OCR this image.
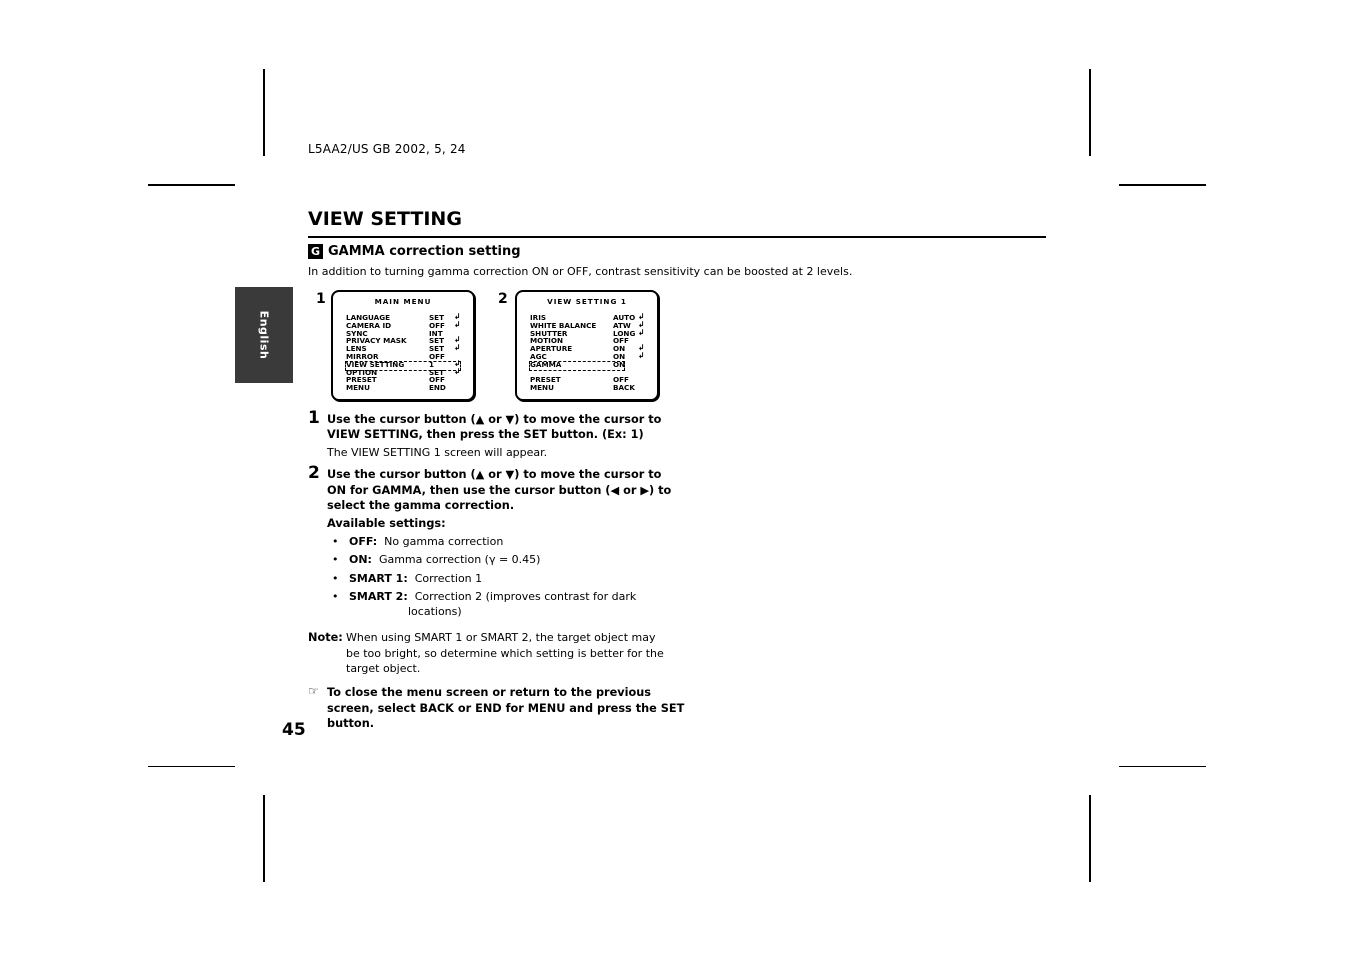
L5AA2/US GB 2002, 5, 24
English
VIEW SETTING
G GAMMA correction setting
In addition to turning gamma correction ON or OFF, contrast sensitivity can be boosted at 2 levels.
1	MAIN MENU
LANGUAGE	SET ↲
CAMERA ID	OFF ↲
SYNC	INT
PRIVACY MASK	SET ↲
LENS	SET ↲
MIRROR	OFF
VIEW SETTING	1 ↲
OPTION	SET ↲
PRESET	OFF
MENU	END
2	VIEW SETTING 1
IRIS	AUTO ↲
WHITE BALANCE ATW ↲
SHUTTER	LONG ↲
MOTION	OFF
APERTURE	ON ↲
AGC	ON ↲
GAMMA	ON
PRESET	OFF
MENU	BACK
1 Use the cursor button (▲ or ▼) to move the cursor to
VIEW SETTING, then press the SET button. (Ex: 1)
The VIEW SETTING 1 screen will appear.
2 Use the cursor button (▲ or ▼) to move the cursor to
ON for GAMMA, then use the cursor button (◀ or ▶) to
select the gamma correction.
Available settings:
•   OFF: No gamma correction
•   ON: Gamma correction (γ = 0.45)
•   SMART 1: Correction 1
•   SMART 2: Correction 2 (improves contrast for dark
locations)
Note: When using SMART 1 or SMART 2, the target object may
be too bright, so determine which setting is better for the
target object.
☞ To close the menu screen or return to the previous
screen, select BACK or END for MENU and press the SET
button.
45
